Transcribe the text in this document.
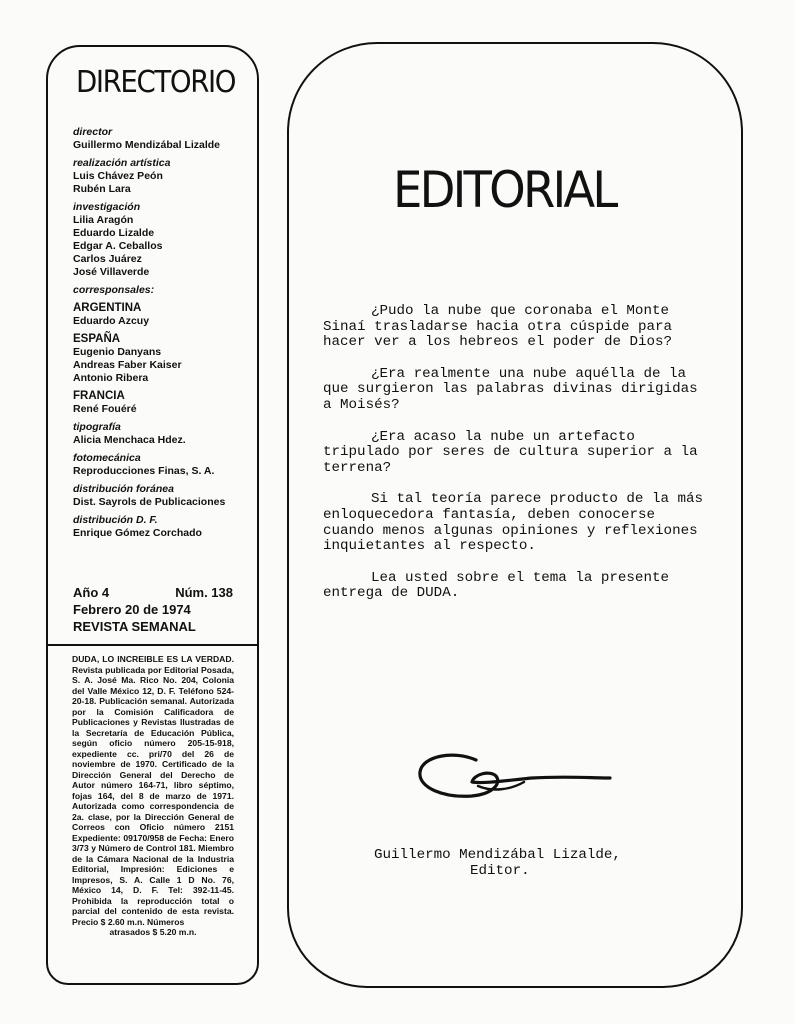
DIRECTORIO
director
Guillermo Mendizábal Lizalde
realización artística
Luis Chávez Peón
Rubén Lara
investigación
Lilia Aragón
Eduardo Lizalde
Edgar A. Ceballos
Carlos Juárez
José Villaverde
corresponsales:
ARGENTINA
Eduardo Azcuy
ESPAÑA
Eugenio Danyans
Andreas Faber Kaiser
Antonio Ribera
FRANCIA
René Fouéré
tipografía
Alicia Menchaca Hdez.
fotomecánica
Reproducciones Finas, S. A.
distribución foránea
Dist. Sayrols de Publicaciones
distribución D. F.
Enrique Gómez Corchado
Año 4	Núm. 138
Febrero 20 de 1974
REVISTA SEMANAL
DUDA, LO INCREIBLE ES LA VERDAD. Revista publicada por Editorial Posada, S. A. José Ma. Rico No. 204, Colonia del Valle México 12, D. F. Teléfono 524-20-18. Publicación semanal. Autorizada por la Comisión Calificadora de Publicaciones y Revistas Ilustradas de la Secretaría de Educación Pública, según oficio número 205-15-918, expediente cc. pri/70 del 26 de noviembre de 1970. Certificado de la Dirección General del Derecho de Autor número 164-71, libro séptimo, fojas 164, del 8 de marzo de 1971. Autorizada como correspondencia de 2a. clase, por la Dirección General de Correos con Oficio número 2151 Expediente: 09170/958 de Fecha: Enero 3/73 y Número de Control 181. Miembro de la Cámara Nacional de la Industria Editorial, Impresión: Ediciones e Impresos, S. A. Calle 1 D No. 76, México 14, D. F. Tel: 392-11-45. Prohibida la reproducción total o parcial del contenido de esta revista. Precio $ 2.60 m.n. Números
atrasados $ 5.20 m.n.
EDITORIAL

¿Pudo la nube que coronaba el Monte Sinaí trasladarse hacia otra cúspide para hacer ver a los hebreos el poder de Dios?

¿Era realmente una nube aquélla de la que surgieron las palabras divinas dirigidas a Moisés?

¿Era acaso la nube un artefacto tripulado por seres de cultura superior a la terrena?

Si tal teoría parece producto de la más enloquecedora fantasía, deben conocerse cuando menos algunas opiniones y reflexiones inquietantes al respecto.

Lea usted sobre el tema la presente entrega de DUDA.

Guillermo Mendizábal Lizalde,
Editor.
